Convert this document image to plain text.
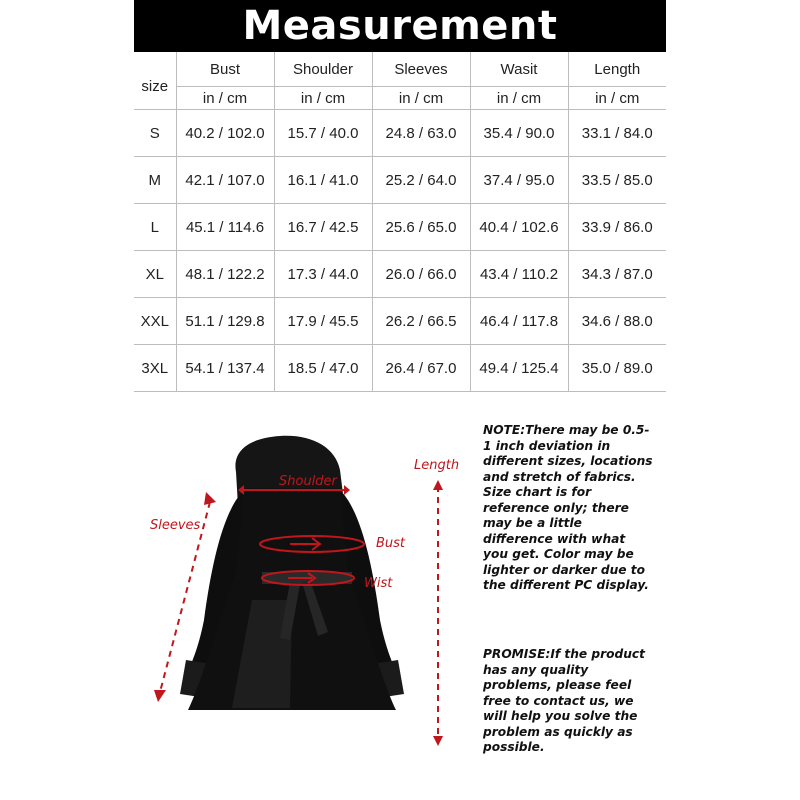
Measurement
	Bust	Shoulder	Sleeves	Wasit	Length
size	in / cm	in / cm	in / cm	in / cm	in / cm
S	40.2 / 102.0	15.7 / 40.0	24.8 / 63.0	35.4 / 90.0	33.1 / 84.0
M	42.1 / 107.0	16.1 / 41.0	25.2 / 64.0	37.4 / 95.0	33.5 / 85.0
L	45.1 / 114.6	16.7 / 42.5	25.6 / 65.0	40.4 / 102.6	33.9 / 86.0
XL	48.1 / 122.2	17.3 / 44.0	26.0 / 66.0	43.4 / 110.2	34.3 / 87.0
XXL	51.1 / 129.8	17.9 / 45.5	26.2 / 66.5	46.4 / 117.8	34.6 / 88.0
3XL	54.1 / 137.4	18.5 / 47.0	26.4 / 67.0	49.4 / 125.4	35.0 / 89.0
Shoulder
Sleeves
Bust
Wist
Length

NOTE:There may be 0.5-1 inch deviation in different sizes, locations and stretch of fabrics. Size chart is for reference only; there may be a little difference with what you get. Color may be lighter or darker due to the different PC display.

PROMISE:If the product has any quality problems, please feel free to contact us, we will help you solve the problem as quickly as possible.
